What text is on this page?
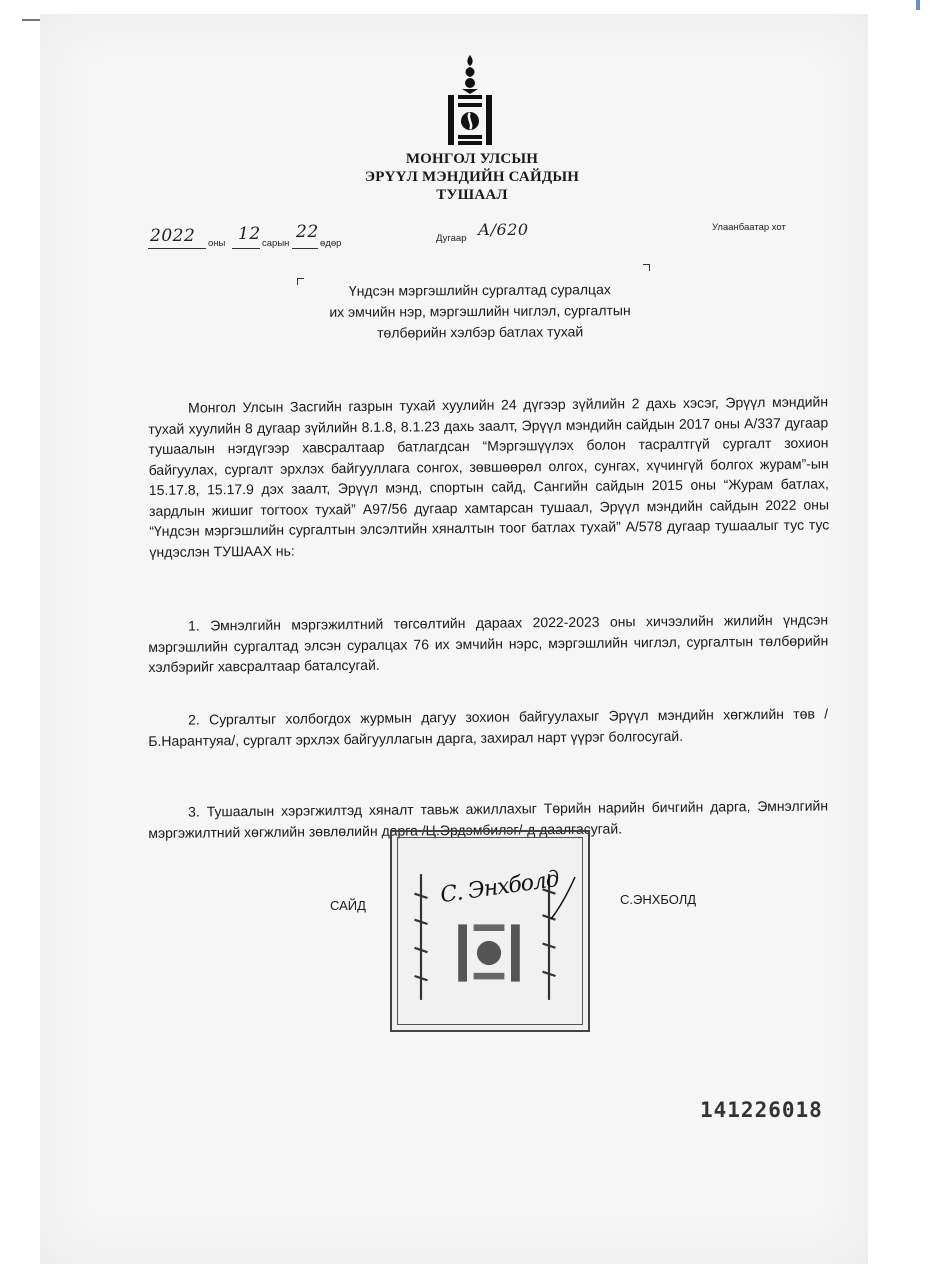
МОНГОЛ УЛСЫН
ЭРҮҮЛ МЭНДИЙН САЙДЫН
ТУШААЛ
2022 оны 12 сарын
22
өдөр	Дугаар А/620	Улаанбаатар хот
Үндсэн мэргэшлийн сургалтад суралцах
их эмчийн нэр, мэргэшлийн чиглэл, сургалтын
төлбөрийн хэлбэр батлах тухай

Монгол Улсын Засгийн газрын тухай хуулийн 24 дүгээр зүйлийн 2 дахь хэсэг, Эрүүл мэндийн тухай хуулийн 8 дугаар зүйлийн 8.1.8, 8.1.23 дахь заалт, Эрүүл мэндийн сайдын 2017 оны А/337 дугаар тушаалын нэгдүгээр хавсралтаар батлагдсан “Мэргэшүүлэх болон тасралтгүй сургалт зохион байгуулах, сургалт эрхлэх байгууллага сонгох, зөвшөөрөл олгох, сунгах, хүчингүй болгох журам”-ын 15.17.8, 15.17.9 дэх заалт, Эрүүл мэнд, спортын сайд, Сангийн сайдын 2015 оны “Журам батлах, зардлын жишиг тогтоох тухай” А97/56 дугаар хамтарсан тушаал, Эрүүл мэндийн сайдын 2022 оны “Үндсэн мэргэшлийн сургалтын элсэлтийн хяналтын тоог батлах тухай” А/578 дугаар тушаалыг тус тус үндэслэн ТУШААХ нь:

1. Эмнэлгийн мэргэжилтний төгсөлтийн дараах 2022-2023 оны хичээлийн жилийн үндсэн мэргэшлийн сургалтад элсэн суралцах 76 их эмчийн нэрс, мэргэшлийн чиглэл, сургалтын төлбөрийн хэлбэрийг хавсралтаар баталсугай.

2. Сургалтыг холбогдох журмын дагуу зохион байгуулахыг Эрүүл мэндийн хөгжлийн төв /Б.Нарантуяа/, сургалт эрхлэх байгууллагын дарга, захирал нарт үүрэг болгосугай.

3. Тушаалын хэрэгжилтэд хяналт тавьж ажиллахыг Төрийн нарийн бичгийн дарга, Эмнэлгийн мэргэжилтний хөгжлийн зөвлөлийн дарга /Ц.Эрдэмбилэг/-д даалгасугай.

САЙД	С.ЭНХБОЛД
С. Энхболд
141226018
